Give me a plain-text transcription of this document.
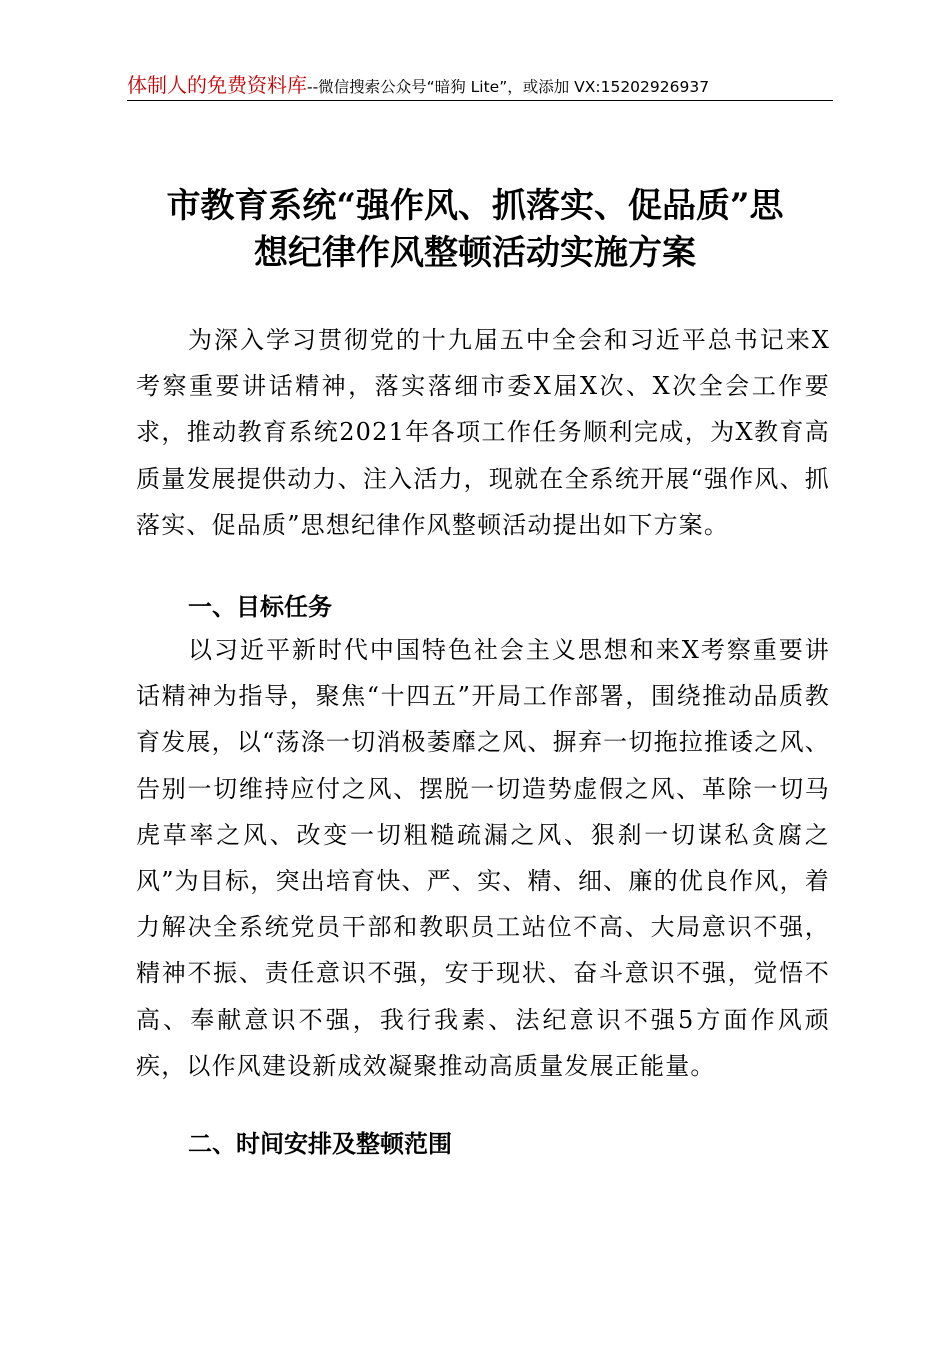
体制人的免费资料库--微信搜索公众号“暗狗 Lite”，或添加 VX:15202926937
市教育系统“强作风、抓落实、促品质”思
想纪律作风整顿活动实施方案

为深入学习贯彻党的十九届五中全会和习近平总书记来X考察重要讲话精神，落实落细市委X届X次、X次全会工作要求，推动教育系统2021年各项工作任务顺利完成，为X教育高质量发展提供动力、注入活力，现就在全系统开展“强作风、抓落实、促品质”思想纪律作风整顿活动提出如下方案。

一、目标任务

以习近平新时代中国特色社会主义思想和来X考察重要讲话精神为指导，聚焦“十四五”开局工作部署，围绕推动品质教育发展，以“荡涤一切消极萎靡之风、摒弃一切拖拉推诿之风、告别一切维持应付之风、摆脱一切造势虚假之风、革除一切马虎草率之风、改变一切粗糙疏漏之风、狠刹一切谋私贪腐之风”为目标，突出培育快、严、实、精、细、廉的优良作风，着力解决全系统党员干部和教职员工站位不高、大局意识不强，精神不振、责任意识不强，安于现状、奋斗意识不强，觉悟不高、奉献意识不强，我行我素、法纪意识不强5方面作风顽疾，以作风建设新成效凝聚推动高质量发展正能量。

二、时间安排及整顿范围
